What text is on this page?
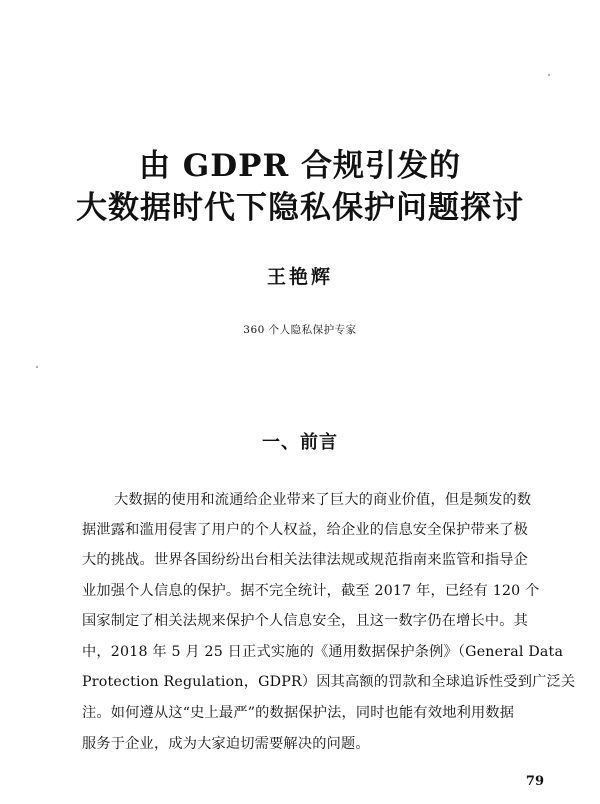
由 GDPR 合规引发的
大数据时代下隐私保护问题探讨
王艳辉
360 个人隐私保护专家
一、前言
大数据的使用和流通给企业带来了巨大的商业价值，但是频发的数
据泄露和滥用侵害了用户的个人权益，给企业的信息安全保护带来了极
大的挑战。世界各国纷纷出台相关法律法规或规范指南来监管和指导企
业加强个人信息的保护。据不完全统计，截至 2017 年，已经有 120 个
国家制定了相关法规来保护个人信息安全，且这一数字仍在增长中。其
中，2018 年 5 月 25 日正式实施的《通用数据保护条例》（General Data
Protection Regulation，GDPR）因其高额的罚款和全球追诉性受到广泛关
注。如何遵从这“史上最严”的数据保护法，同时也能有效地利用数据
服务于企业，成为大家迫切需要解决的问题。
79
